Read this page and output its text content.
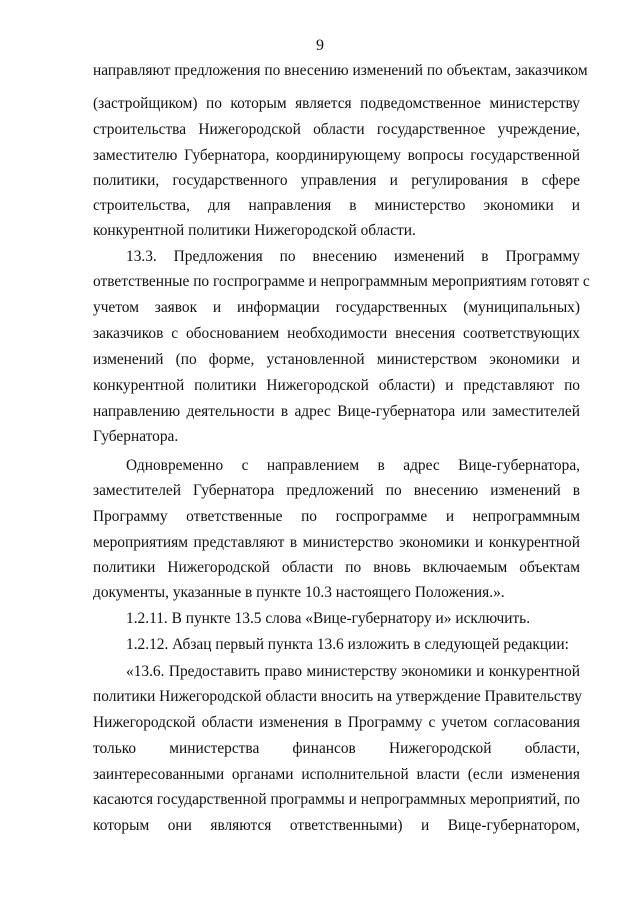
9
направляют предложения по внесению изменений по объектам, заказчиком
(застройщиком) по которым является подведомственное министерству
строительства Нижегородской области государственное учреждение,
заместителю Губернатора, координирующему вопросы государственной
политики, государственного управления и регулирования в сфере
строительства, для направления в министерство экономики и
конкурентной политики Нижегородской области.
13.3. Предложения по внесению изменений в Программу
ответственные по госпрограмме и непрограммным мероприятиям готовят с
учетом заявок и информации государственных (муниципальных)
заказчиков с обоснованием необходимости внесения соответствующих
изменений (по форме, установленной министерством экономики и
конкурентной политики Нижегородской области) и представляют по
направлению деятельности в адрес Вице-губернатора или заместителей
Губернатора.
Одновременно с направлением в адрес Вице-губернатора,
заместителей Губернатора предложений по внесению изменений в
Программу ответственные по госпрограмме и непрограммным
мероприятиям представляют в министерство экономики и конкурентной
политики Нижегородской области по вновь включаемым объектам
документы, указанные в пункте 10.3 настоящего Положения.».
1.2.11. В пункте 13.5 слова «Вице-губернатору и» исключить.
1.2.12. Абзац первый пункта 13.6 изложить в следующей редакции:
«13.6. Предоставить право министерству экономики и конкурентной
политики Нижегородской области вносить на утверждение Правительству
Нижегородской области изменения в Программу с учетом согласования
только министерства финансов Нижегородской области,
заинтересованными органами исполнительной власти (если изменения
касаются государственной программы и непрограммных мероприятий, по
которым они являются ответственными) и Вице-губернатором,
